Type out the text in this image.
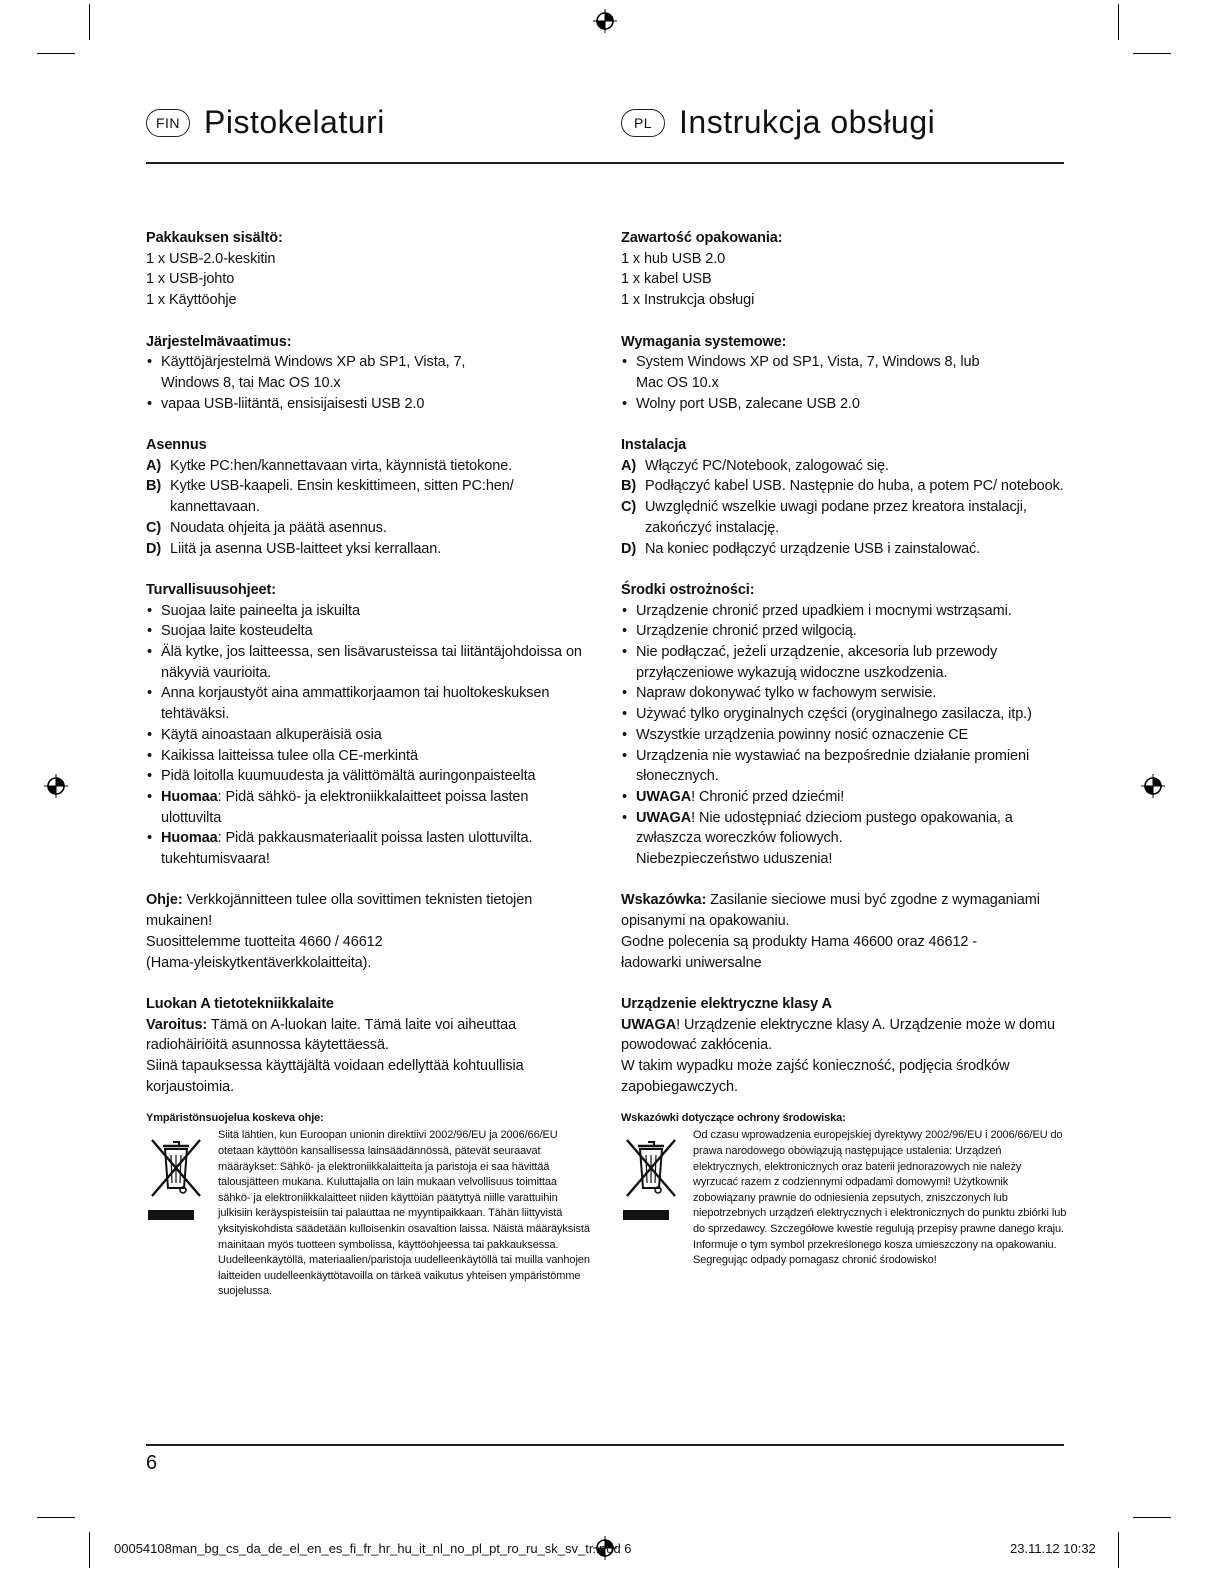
FIN Pistokelaturi	PL Instrukcja obsługi
Pakkauksen sisältö:

1 x USB-2.0-keskitin

1 x USB-johto

1 x Käyttöohje

Järjestelmävaatimus:
• Käyttöjärjestelmä Windows XP ab SP1, Vista, 7, Windows 8, tai Mac OS 10.x
• vapaa USB-liitäntä, ensisijaisesti USB 2.0
Asennus
A) Kytke PC:hen/kannettavaan virta, käynnistä tietokone.
B) Kytke USB-kaapeli. Ensin keskittimeen, sitten PC:hen/ kannettavaan.
C) Noudata ohjeita ja päätä asennus.
D) Liitä ja asenna USB-laitteet yksi kerrallaan.
Turvallisuusohjeet:
• Suojaa laite paineelta ja iskuilta
• Suojaa laite kosteudelta
• Älä kytke, jos laitteessa, sen lisävarusteissa tai liitäntäjohdoissa on näkyviä vaurioita.
• Anna korjaustyöt aina ammattikorjaamon tai huoltokeskuksen tehtäväksi.
• Käytä ainoastaan alkuperäisiä osia
• Kaikissa laitteissa tulee olla CE-merkintä
• Pidä loitolla kuumuudesta ja välittömältä auringonpaisteelta
• Huomaa: Pidä sähkö- ja elektroniikkalaitteet poissa lasten ulottuvilta
• Huomaa: Pidä pakkausmateriaalit poissa lasten ulottuvilta. tukehtumisvaara!

Ohje: Verkkojännitteen tulee olla sovittimen teknisten tietojen mukainen!

Suosittelemme tuotteita 4660 / 46612

(Hama-yleiskytkentäverkkolaitteita).

Luokan A tietotekniikkalaite

Varoitus: Tämä on A-luokan laite. Tämä laite voi aiheuttaa radiohäiriöitä asunnossa käytettäessä.

Siinä tapauksessa käyttäjältä voidaan edellyttää kohtuullisia korjaustoimia.

Ympäristönsuojelua koskeva ohje:

Siitä lähtien, kun Euroopan unionin direktiivi 2002/96/EU ja 2006/66/EU otetaan käyttöön kansallisessa lainsäädännössä, pätevät seuraavat määräykset: Sähkö- ja elektroniikkalaitteita ja paristoja ei saa hävittää talousjätteen mukana. Kuluttajalla on lain mukaan velvollisuus toimittaa sähkö- ja elektroniikkalaitteet niiden käyttöiän päätyttyä niille varattuihin julkisiin keräyspisteisiin tai palauttaa ne myyntipaikkaan. Tähän liittyvistä yksityiskohdista säädetään kulloisenkin osavaltion laissa. Näistä määräyksistä mainitaan myös tuotteen symbolissa, käyttöohjeessa tai pakkauksessa. Uudelleenkäytöllä, materiaalien/paristoja uudelleenkäytöllä tai muilla vanhojen laitteiden uudelleenkäyttötavoilla on tärkeä vaikutus yhteisen ympäristömme suojelussa.
Zawartość opakowania:

1 x hub USB 2.0

1 x kabel USB

1 x Instrukcja obsługi

Wymagania systemowe:
• System Windows XP od SP1, Vista, 7, Windows 8, lub Mac OS 10.x
• Wolny port USB, zalecane USB 2.0
Instalacja
A) Włączyć PC/Notebook, zalogować się.
B) Podłączyć kabel USB. Następnie do huba, a potem PC/ notebook.
C) Uwzględnić wszelkie uwagi podane przez kreatora instalacji, zakończyć instalację.
D) Na koniec podłączyć urządzenie USB i zainstalować.
Środki ostrożności:
• Urządzenie chronić przed upadkiem i mocnymi wstrząsami.
• Urządzenie chronić przed wilgocią.
• Nie podłączać, jeżeli urządzenie, akcesoria lub przewody przyłączeniowe wykazują widoczne uszkodzenia.
• Napraw dokonywać tylko w fachowym serwisie.
• Używać tylko oryginalnych części (oryginalnego zasilacza, itp.)
• Wszystkie urządzenia powinny nosić oznaczenie CE
• Urządzenia nie wystawiać na bezpośrednie działanie promieni słonecznych.
• UWAGA! Chronić przed dziećmi!
• UWAGA! Nie udostępniać dzieciom pustego opakowania, a zwłaszcza woreczków foliowych.
Niebezpieczeństwo uduszenia!

Wskazówka: Zasilanie sieciowe musi być zgodne z wymaganiami opisanymi na opakowaniu.

Godne polecenia są produkty Hama 46600 oraz 46612 - ładowarki uniwersalne

Urządzenie elektryczne klasy A

UWAGA! Urządzenie elektryczne klasy A. Urządzenie może w domu powodować zakłócenia.

W takim wypadku może zajść konieczność, podjęcia środków zapobiegawczych.

Wskazówki dotyczące ochrony środowiska:

Od czasu wprowadzenia europejskiej dyrektywy 2002/96/EU i 2006/66/EU do prawa narodowego obowiązują następujące ustalenia: Urządzeń elektrycznych, elektronicznych oraz baterii jednorazowych nie należy wyrzucać razem z codziennymi odpadami domowymi! Użytkownik zobowiązany prawnie do odniesienia zepsutych, zniszczonych lub niepotrzebnych urządzeń elektrycznych i elektronicznych do punktu zbiórki lub do sprzedawcy. Szczegółowe kwestie regulują przepisy prawne danego kraju. Informuje o tym symbol przekreślonego kosza umieszczony na opakowaniu. Segregując odpady pomagasz chronić środowisko!
6
00054108man_bg_cs_da_de_el_en_es_fi_fr_hr_hu_it_nl_no_pl_pt_ro_ru_sk_sv_tr.indd 6	23.11.12 10:32
